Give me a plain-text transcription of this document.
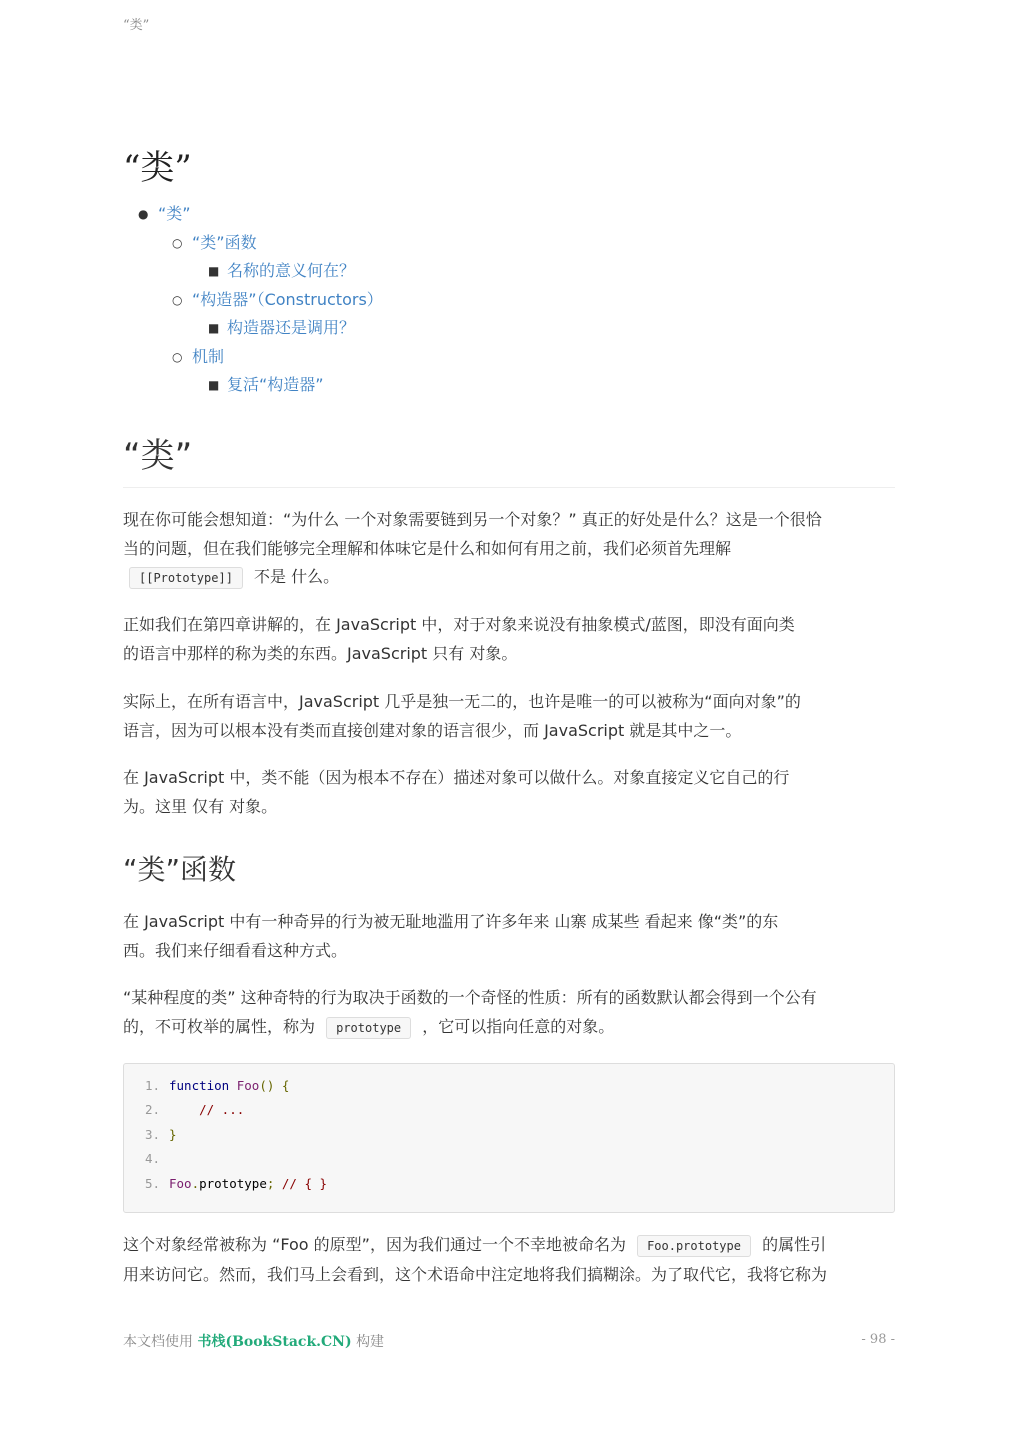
“类”
“类”
● “类”
○ “类”函数
■ 名称的意义何在？
○ “构造器”（Constructors）
■ 构造器还是调用？
○ 机制
■ 复活“构造器”
“类”

现在你可能会想知道：“为什么 一个对象需要链到另一个对象？” 真正的好处是什么？这是一个很恰
当的问题，但在我们能够完全理解和体味它是什么和如何有用之前，我们必须首先理解
[[Prototype]] 不是 什么。

正如我们在第四章讲解的，在 JavaScript 中，对于对象来说没有抽象模式/蓝图，即没有面向类
的语言中那样的称为类的东西。JavaScript 只有 对象。

实际上，在所有语言中，JavaScript 几乎是独一无二的，也许是唯一的可以被称为“面向对象”的
语言，因为可以根本没有类而直接创建对象的语言很少，而 JavaScript 就是其中之一。

在 JavaScript 中，类不能（因为根本不存在）描述对象可以做什么。对象直接定义它自己的行
为。这里 仅有 对象。

“类”函数

在 JavaScript 中有一种奇异的行为被无耻地滥用了许多年来 山寨 成某些 看起来 像“类”的东
西。我们来仔细看看这种方式。

“某种程度的类” 这种奇特的行为取决于函数的一个奇怪的性质：所有的函数默认都会得到一个公有
的，不可枚举的属性，称为 prototype ，它可以指向任意的对象。

1. function Foo() {
2.    // ...
3. }
4.
5. Foo.prototype; // { }

这个对象经常被称为 “Foo 的原型”，因为我们通过一个不幸地被命名为 Foo.prototype 的属性引
用来访问它。然而，我们马上会看到，这个术语命中注定地将我们搞糊涂。为了取代它，我将它称为

本文档使用 书栈(BookStack.CN) 构建	- 98 -
